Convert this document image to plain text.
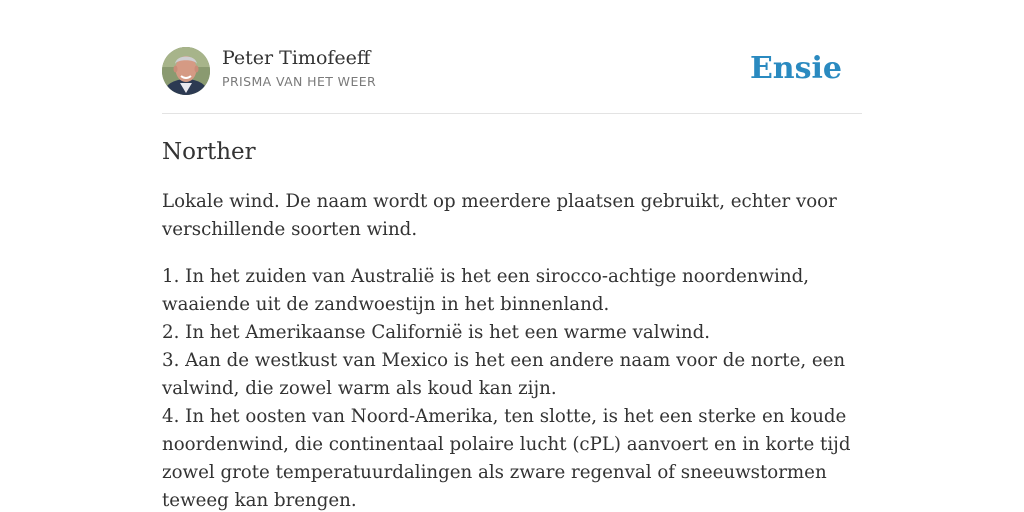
Peter Timofeeff
PRISMA VAN HET WEER	Ensie
Norther

Lokale wind. De naam wordt op meerdere plaatsen gebruikt, echter voor verschillende soorten wind.

1. In het zuiden van Australië is het een sirocco-achtige noordenwind, waaiende uit de zandwoestijn in het binnenland.
2. In het Amerikaanse Californië is het een warme valwind.
3. Aan de westkust van Mexico is het een andere naam voor de norte, een valwind, die zowel warm als koud kan zijn.
4. In het oosten van Noord-Amerika, ten slotte, is het een sterke en koude noordenwind, die continentaal polaire lucht (cPL) aanvoert en in korte tijd zowel grote temperatuurdalingen als zware regenval of sneeuwstormen teweeg kan brengen.
